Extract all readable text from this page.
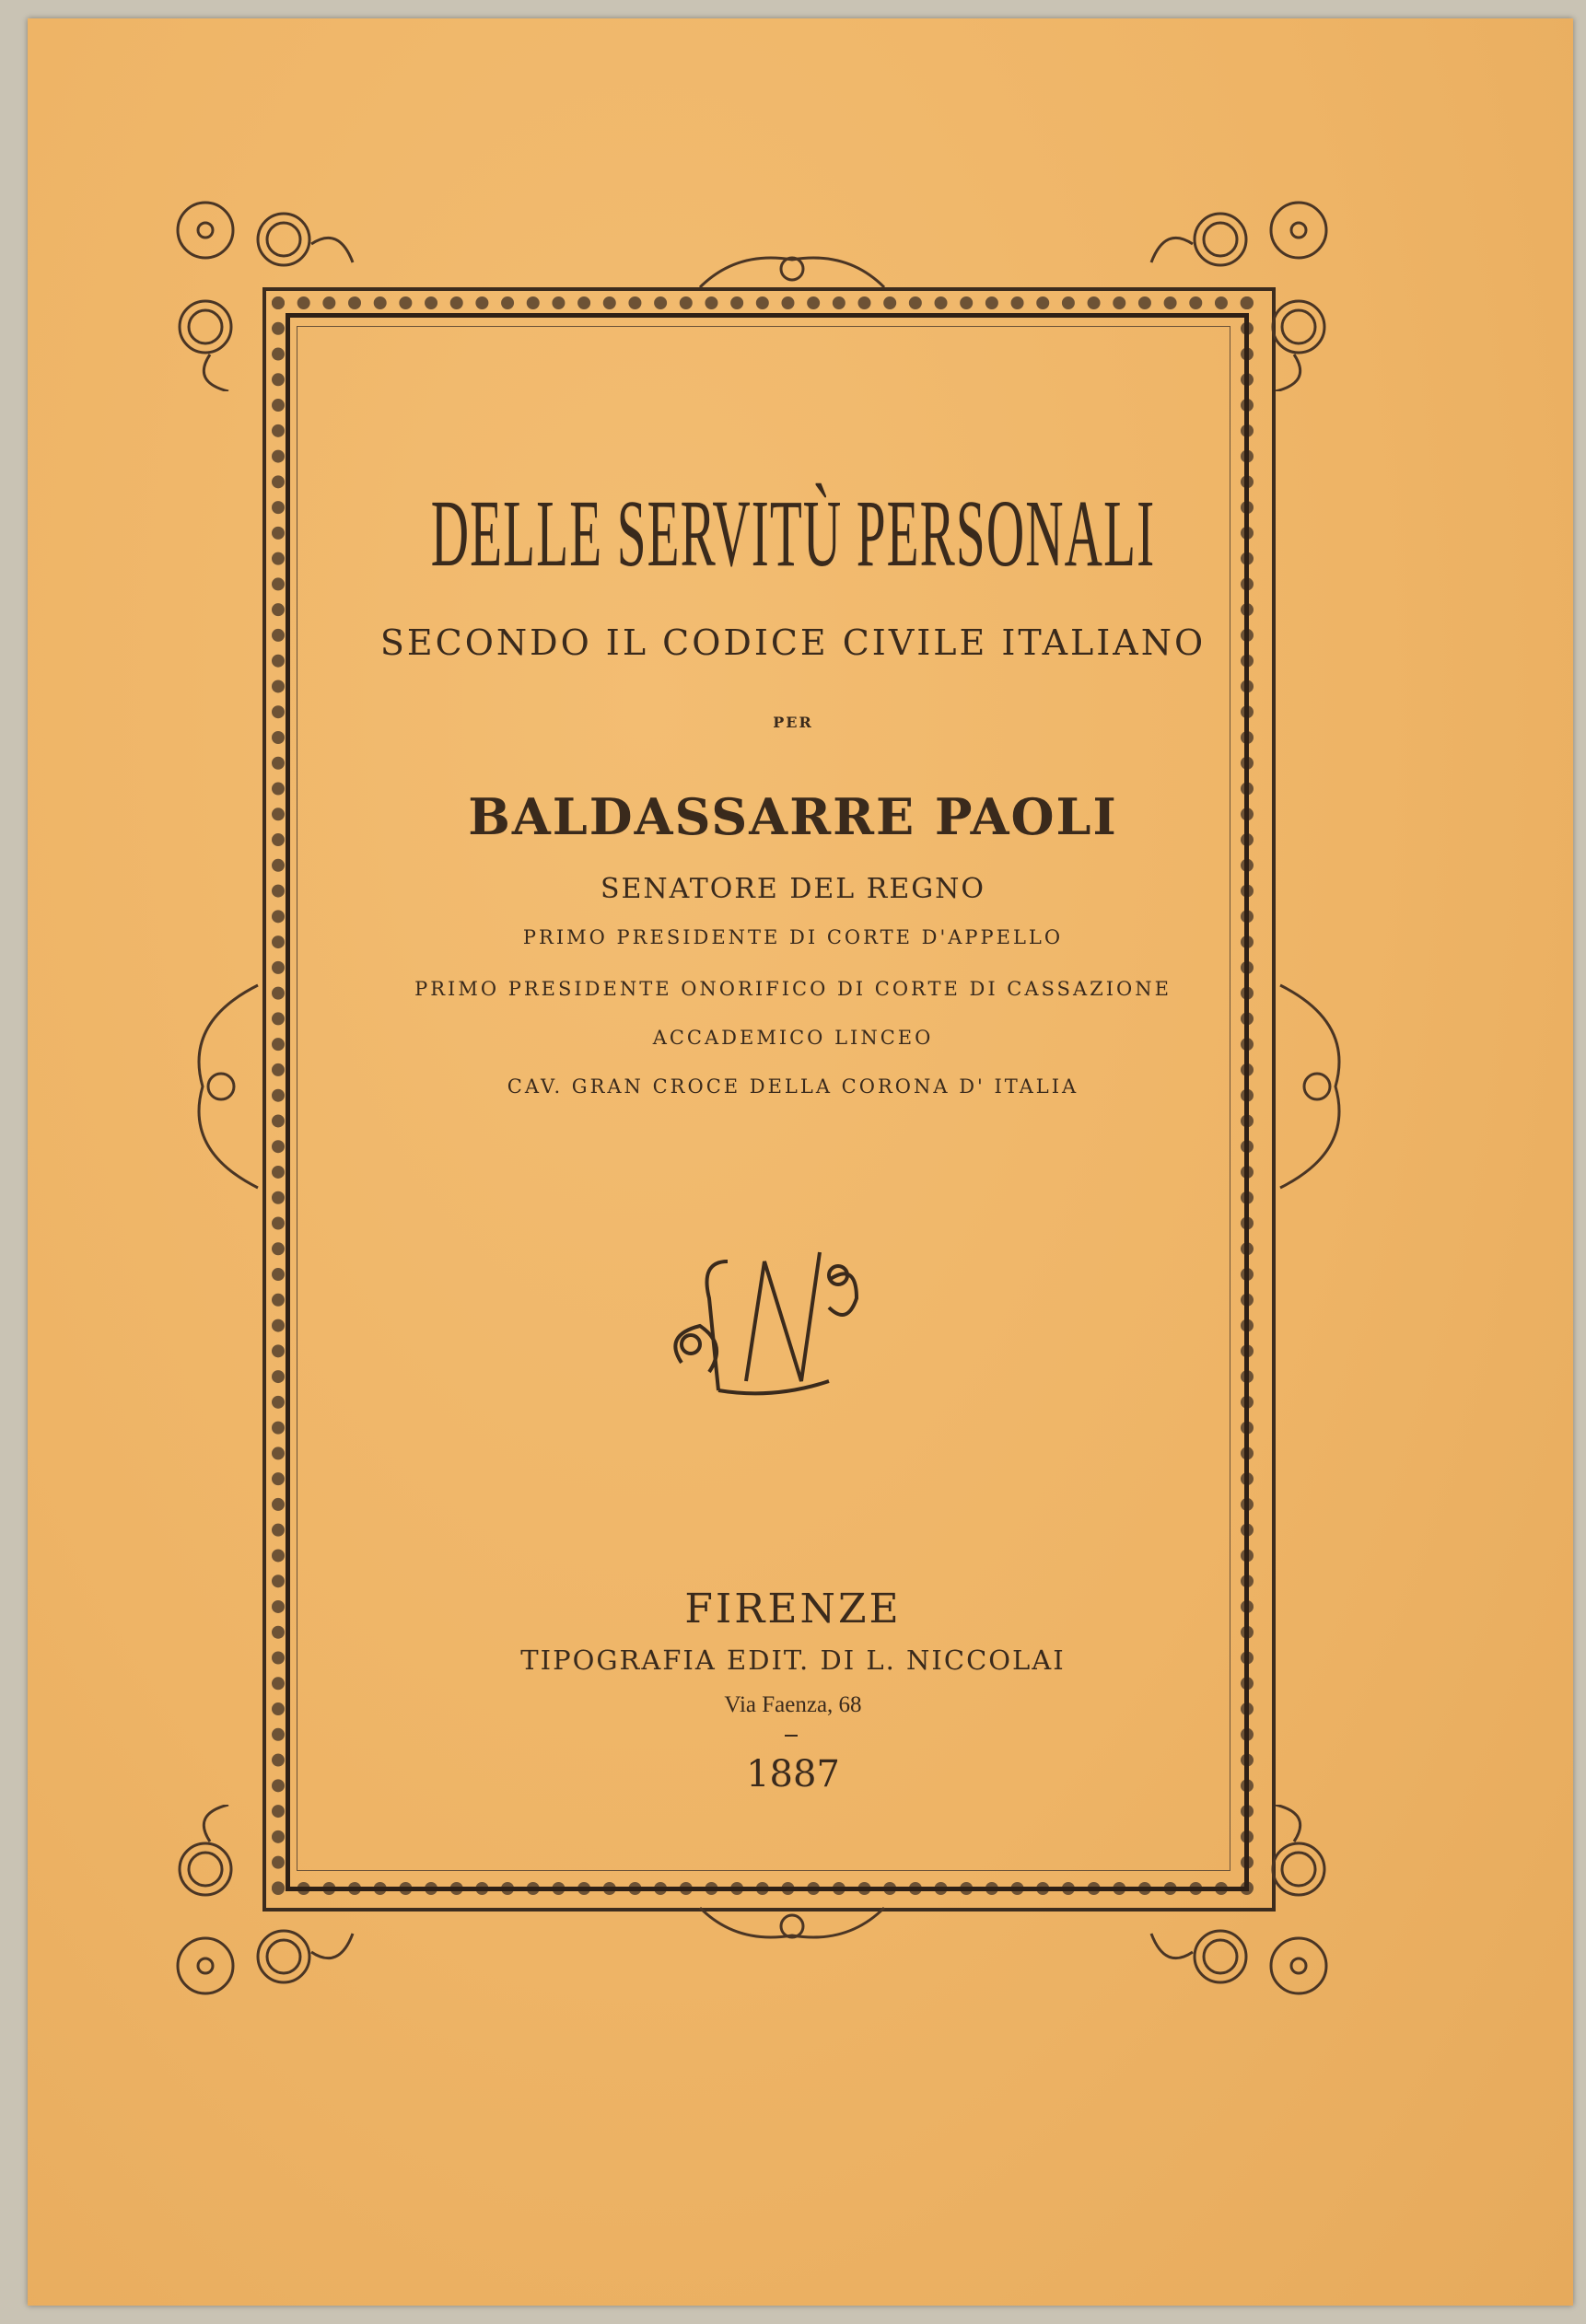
DELLE SERVITÙ PERSONALI
SECONDO IL CODICE CIVILE ITALIANO
PER
BALDASSARRE PAOLI
SENATORE DEL REGNO
PRIMO PRESIDENTE DI CORTE D'APPELLO
PRIMO PRESIDENTE ONORIFICO DI CORTE DI CASSAZIONE
ACCADEMICO LINCEO
CAV. GRAN CROCE DELLA CORONA D' ITALIA
FIRENZE
TIPOGRAFIA EDIT. DI L. NICCOLAI
Via Faenza, 68
1887
